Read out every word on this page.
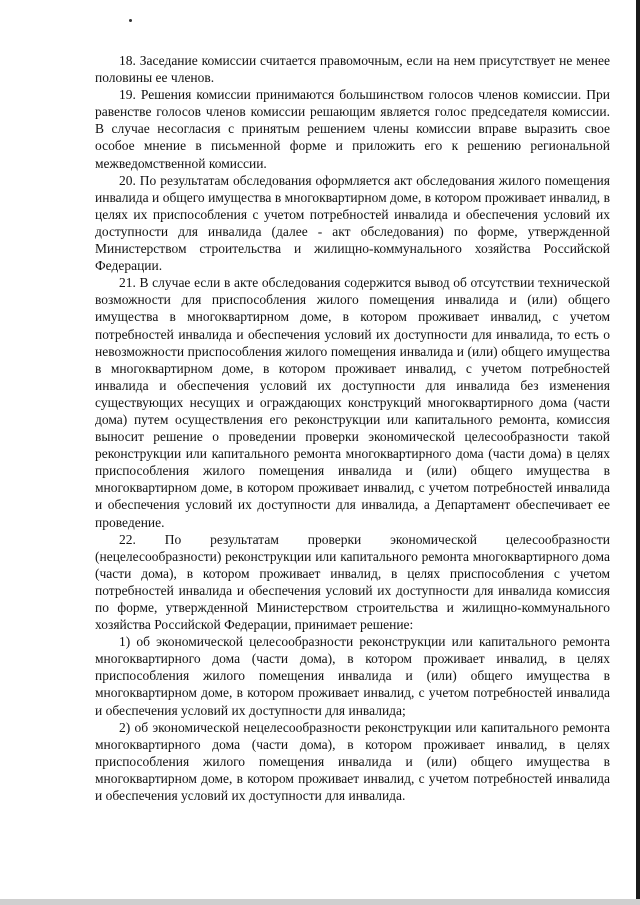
18. Заседание комиссии считается правомочным, если на нем присутствует не менее половины ее членов.

19. Решения комиссии принимаются большинством голосов членов комиссии. При равенстве голосов членов комиссии решающим является голос председателя комиссии. В случае несогласия с принятым решением члены комиссии вправе выразить свое особое мнение в письменной форме и приложить его к решению региональной межведомственной комиссии.

20. По результатам обследования оформляется акт обследования жилого помещения инвалида и общего имущества в многоквартирном доме, в котором проживает инвалид, в целях их приспособления с учетом потребностей инвалида и обеспечения условий их доступности для инвалида (далее - акт обследования) по форме, утвержденной Министерством строительства и жилищно-коммунального хозяйства Российской Федерации.

21. В случае если в акте обследования содержится вывод об отсутствии технической возможности для приспособления жилого помещения инвалида и (или) общего имущества в многоквартирном доме, в котором проживает инвалид, с учетом потребностей инвалида и обеспечения условий их доступности для инвалида, то есть о невозможности приспособления жилого помещения инвалида и (или) общего имущества в многоквартирном доме, в котором проживает инвалид, с учетом потребностей инвалида и обеспечения условий их доступности для инвалида без изменения существующих несущих и ограждающих конструкций многоквартирного дома (части дома) путем осуществления его реконструкции или капитального ремонта, комиссия выносит решение о проведении проверки экономической целесообразности такой реконструкции или капитального ремонта многоквартирного дома (части дома) в целях приспособления жилого помещения инвалида и (или) общего имущества в многоквартирном доме, в котором проживает инвалид, с учетом потребностей инвалида и обеспечения условий их доступности для инвалида, а Департамент обеспечивает ее проведение.

22. По результатам проверки экономической целесообразности (нецелесообразности) реконструкции или капитального ремонта многоквартирного дома (части дома), в котором проживает инвалид, в целях приспособления с учетом потребностей инвалида и обеспечения условий их доступности для инвалида комиссия по форме, утвержденной Министерством строительства и жилищно-коммунального хозяйства Российской Федерации, принимает решение:

1) об экономической целесообразности реконструкции или капитального ремонта многоквартирного дома (части дома), в котором проживает инвалид, в целях приспособления жилого помещения инвалида и (или) общего имущества в многоквартирном доме, в котором проживает инвалид, с учетом потребностей инвалида и обеспечения условий их доступности для инвалида;

2) об экономической нецелесообразности реконструкции или капитального ремонта многоквартирного дома (части дома), в котором проживает инвалид, в целях приспособления жилого помещения инвалида и (или) общего имущества в многоквартирном доме, в котором проживает инвалид, с учетом потребностей инвалида и обеспечения условий их доступности для инвалида.
